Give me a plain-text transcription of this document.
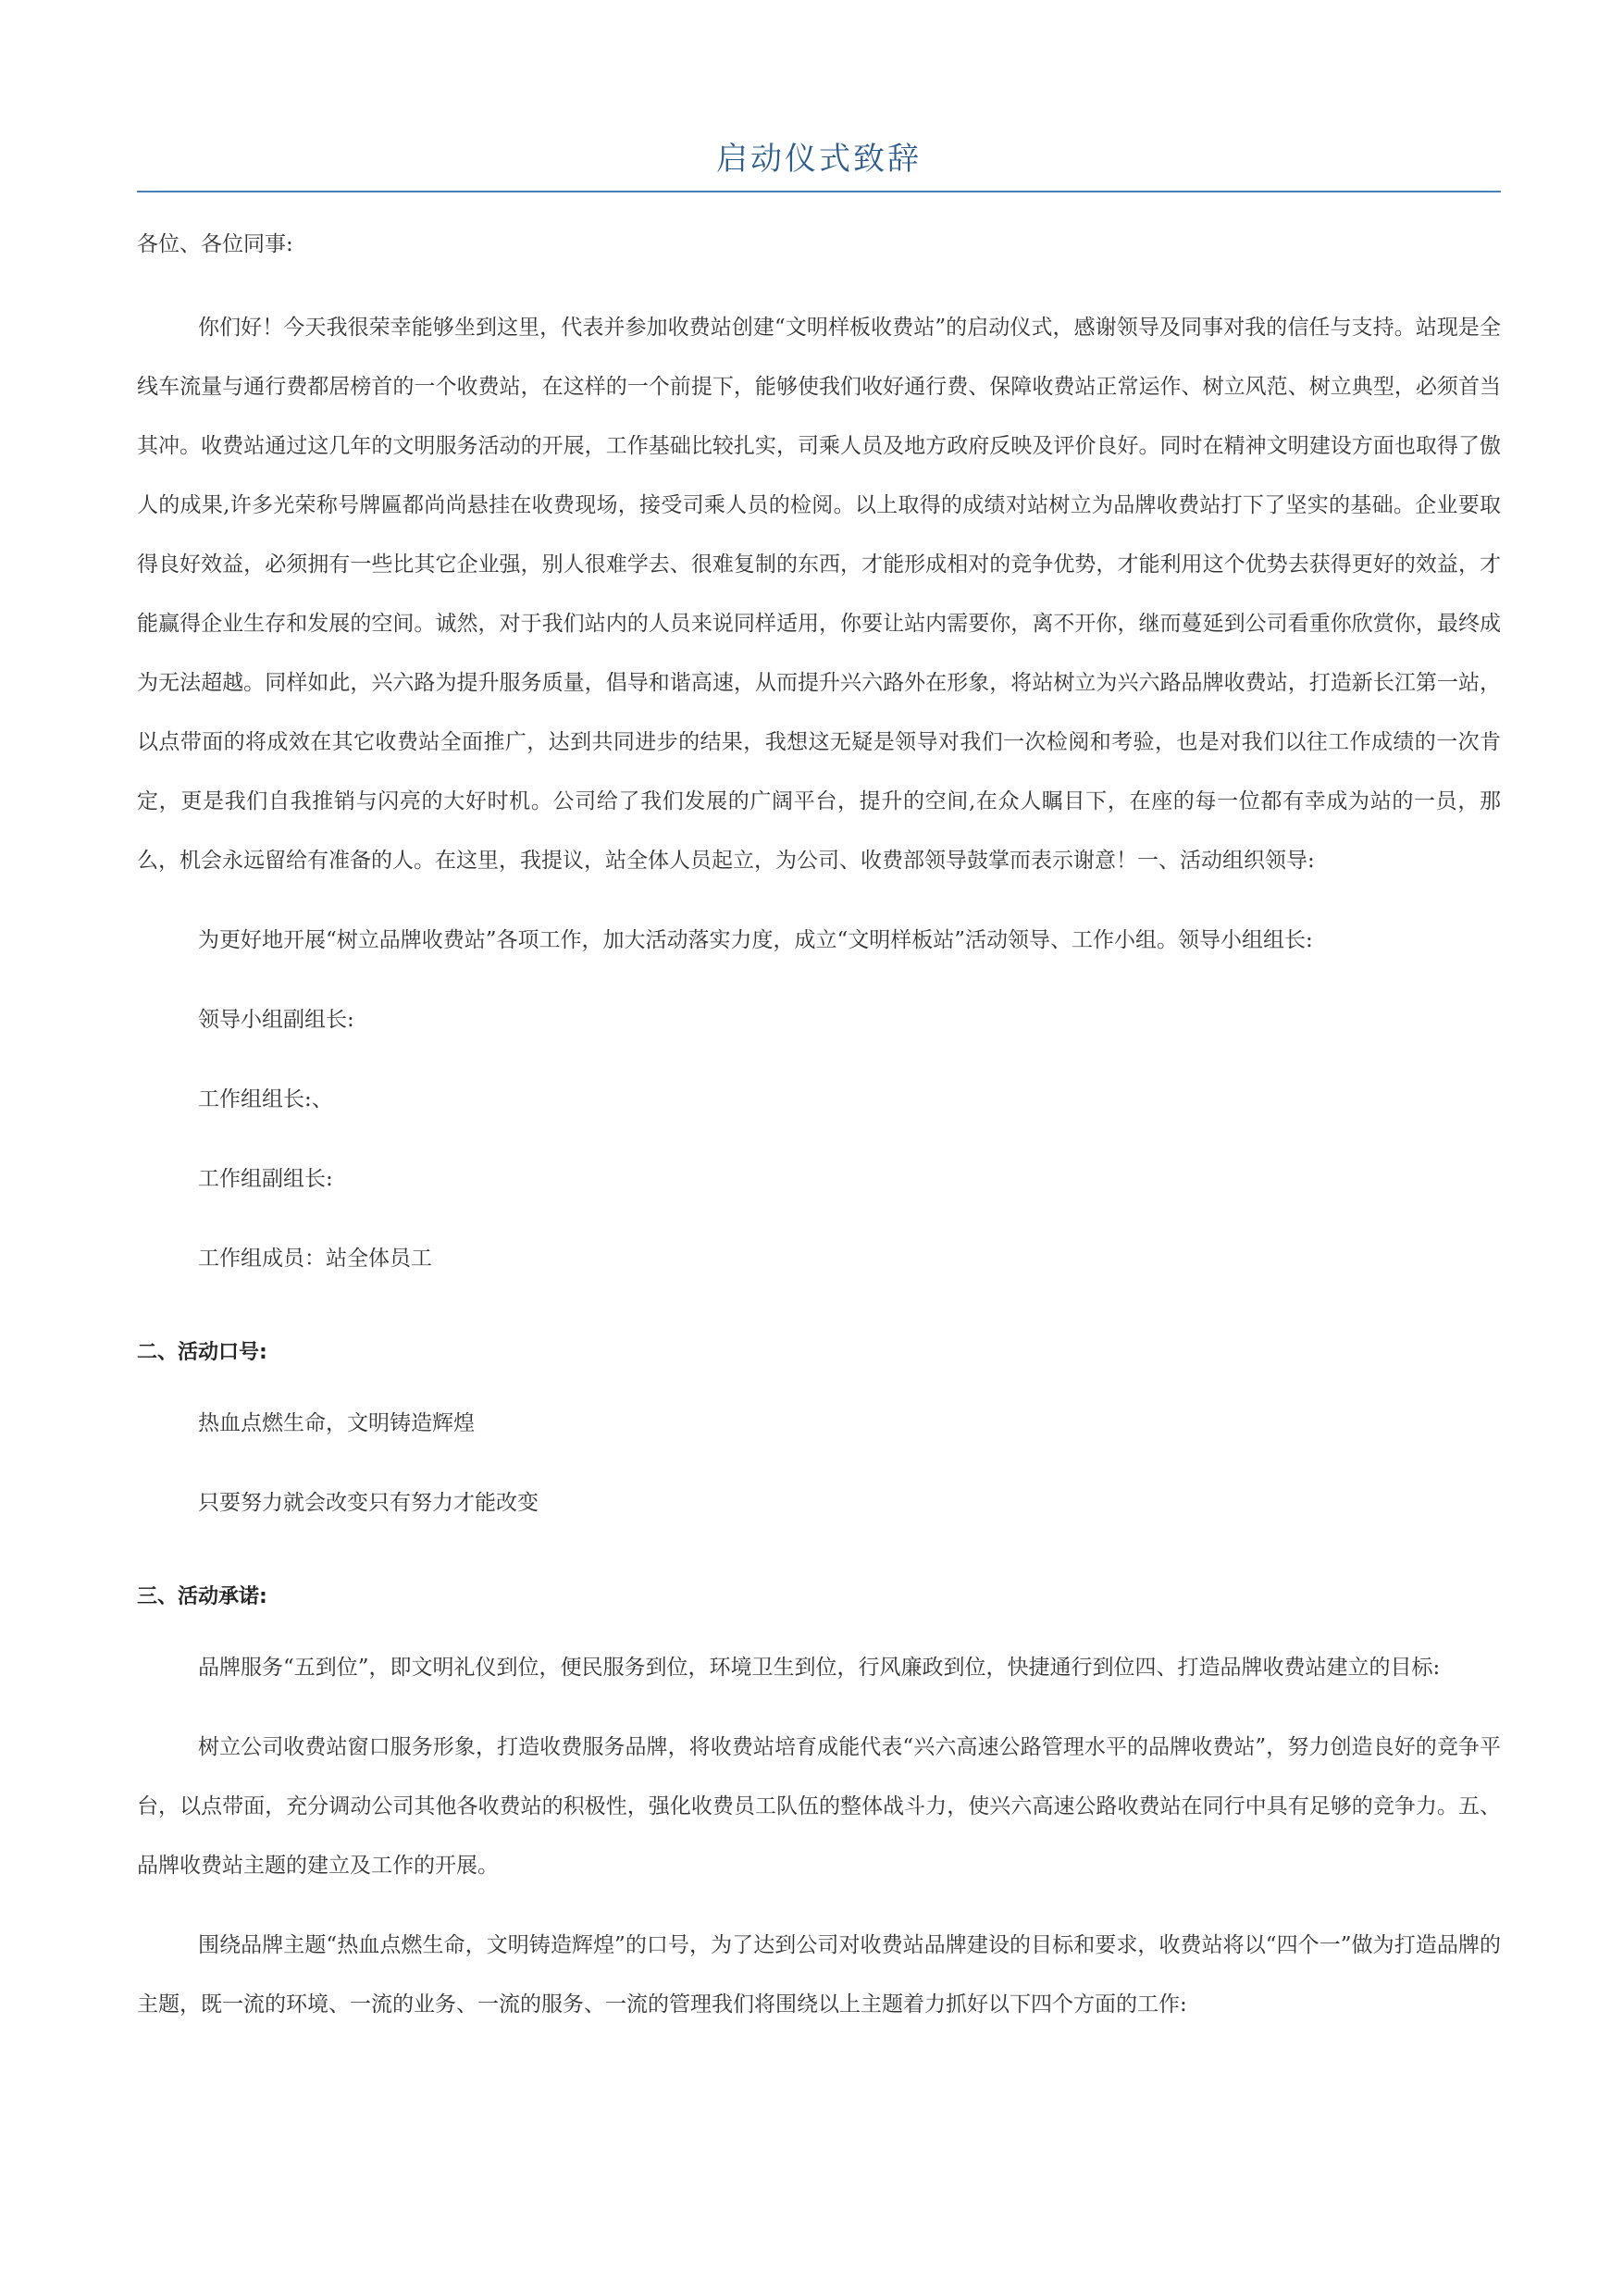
启动仪式致辞

各位、各位同事:

你们好！今天我很荣幸能够坐到这里，代表并参加收费站创建“文明样板收费站”的启动仪式，感谢领导及同事对我的信任与支持。站现是全线车流量与通行费都居榜首的一个收费站，在这样的一个前提下，能够使我们收好通行费、保障收费站正常运作、树立风范、树立典型，必须首当其冲。收费站通过这几年的文明服务活动的开展，工作基础比较扎实，司乘人员及地方政府反映及评价良好。同时在精神文明建设方面也取得了傲人的成果,许多光荣称号牌匾都尚尚悬挂在收费现场，接受司乘人员的检阅。以上取得的成绩对站树立为品牌收费站打下了坚实的基础。企业要取得良好效益，必须拥有一些比其它企业强，别人很难学去、很难复制的东西，才能形成相对的竞争优势，才能利用这个优势去获得更好的效益，才能赢得企业生存和发展的空间。诚然，对于我们站内的人员来说同样适用，你要让站内需要你，离不开你，继而蔓延到公司看重你欣赏你，最终成为无法超越。同样如此，兴六路为提升服务质量，倡导和谐高速，从而提升兴六路外在形象，将站树立为兴六路品牌收费站，打造新长江第一站，以点带面的将成效在其它收费站全面推广，达到共同进步的结果，我想这无疑是领导对我们一次检阅和考验，也是对我们以往工作成绩的一次肯定，更是我们自我推销与闪亮的大好时机。公司给了我们发展的广阔平台，提升的空间,在众人瞩目下，在座的每一位都有幸成为站的一员，那么，机会永远留给有准备的人。在这里，我提议，站全体人员起立，为公司、收费部领导鼓掌而表示谢意！一、活动组织领导:

为更好地开展“树立品牌收费站”各项工作，加大活动落实力度，成立“文明样板站”活动领导、工作小组。领导小组组长:

领导小组副组长:

工作组组长:、

工作组副组长:

工作组成员：站全体员工

二、活动口号:

热血点燃生命，文明铸造辉煌

只要努力就会改变只有努力才能改变

三、活动承诺:

品牌服务“五到位”，即文明礼仪到位，便民服务到位，环境卫生到位，行风廉政到位，快捷通行到位四、打造品牌收费站建立的目标:

树立公司收费站窗口服务形象，打造收费服务品牌，将收费站培育成能代表“兴六高速公路管理水平的品牌收费站”，努力创造良好的竞争平台，以点带面，充分调动公司其他各收费站的积极性，强化收费员工队伍的整体战斗力，使兴六高速公路收费站在同行中具有足够的竞争力。五、品牌收费站主题的建立及工作的开展。

围绕品牌主题“热血点燃生命，文明铸造辉煌”的口号，为了达到公司对收费站品牌建设的目标和要求，收费站将以“四个一”做为打造品牌的主题，既一流的环境、一流的业务、一流的服务、一流的管理我们将围绕以上主题着力抓好以下四个方面的工作:
